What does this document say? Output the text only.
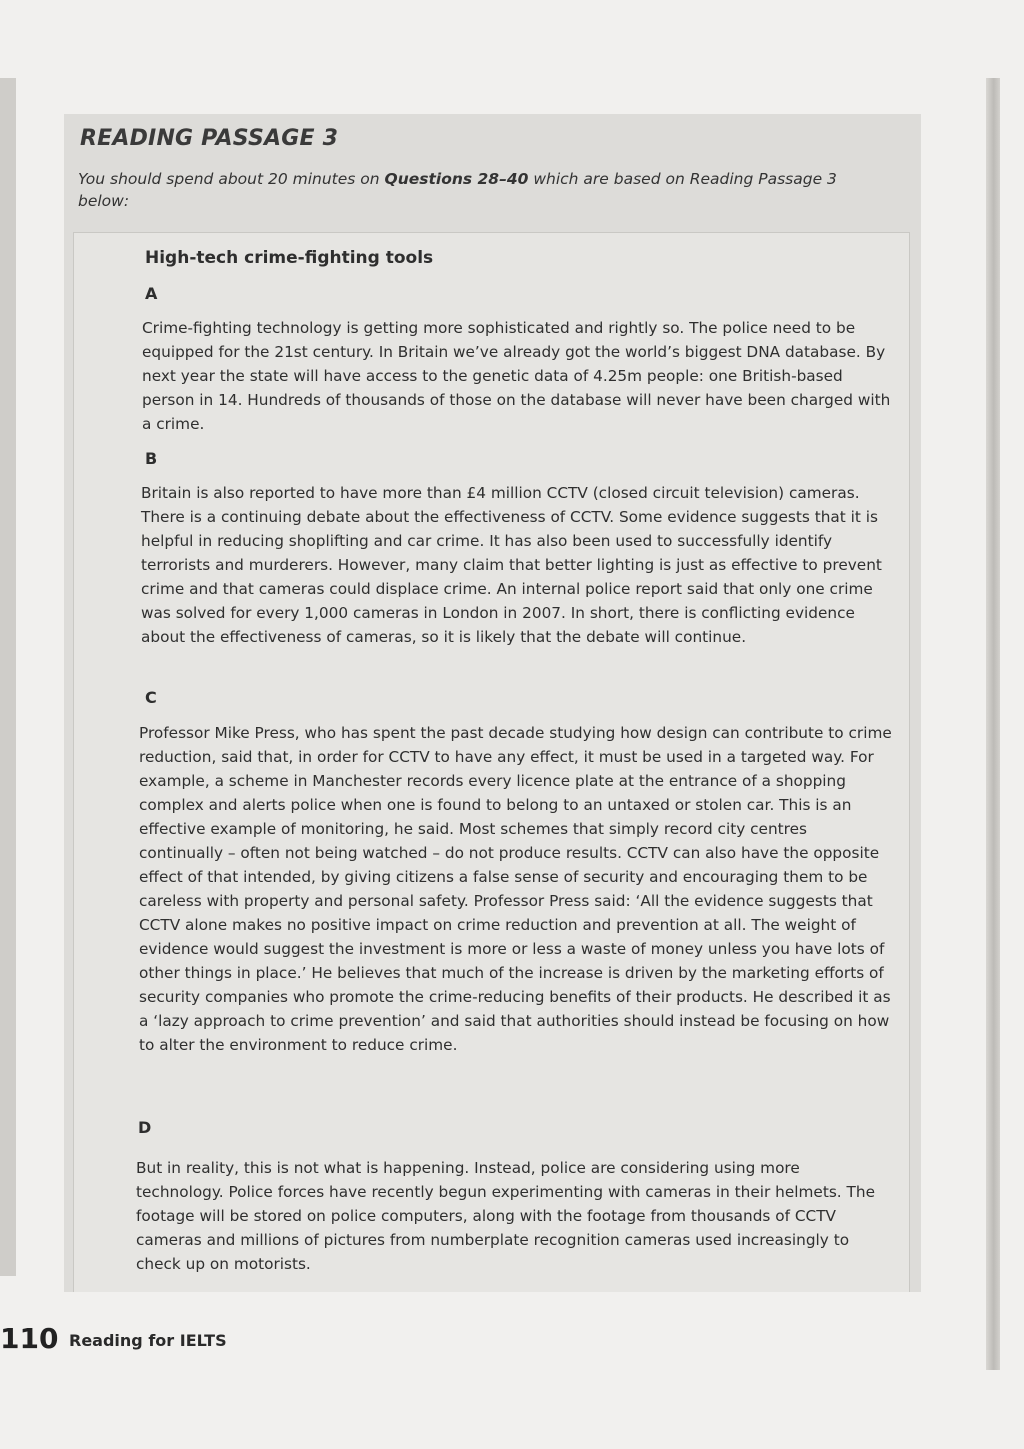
READING PASSAGE 3

You should spend about 20 minutes on Questions 28–40 which are based on Reading Passage 3 below:

High-tech crime-fighting tools
A

Crime-fighting technology is getting more sophisticated and rightly so. The police need to be equipped for the 21st century. In Britain we’ve already got the world’s biggest DNA database. By next year the state will have access to the genetic data of 4.25m people: one British-based person in 14. Hundreds of thousands of those on the database will never have been charged with a crime.

B

Britain is also reported to have more than £4 million CCTV (closed circuit television) cameras. There is a continuing debate about the effectiveness of CCTV. Some evidence suggests that it is helpful in reducing shoplifting and car crime. It has also been used to successfully identify terrorists and murderers. However, many claim that better lighting is just as effective to prevent crime and that cameras could displace crime. An internal police report said that only one crime was solved for every 1,000 cameras in London in 2007. In short, there is conflicting evidence about the effectiveness of cameras, so it is likely that the debate will continue.

C

Professor Mike Press, who has spent the past decade studying how design can contribute to crime reduction, said that, in order for CCTV to have any effect, it must be used in a targeted way. For example, a scheme in Manchester records every licence plate at the entrance of a shopping complex and alerts police when one is found to belong to an untaxed or stolen car. This is an effective example of monitoring, he said. Most schemes that simply record city centres continually – often not being watched – do not produce results. CCTV can also have the opposite effect of that intended, by giving citizens a false sense of security and encouraging them to be careless with property and personal safety. Professor Press said: ‘All the evidence suggests that CCTV alone makes no positive impact on crime reduction and prevention at all. The weight of evidence would suggest the investment is more or less a waste of money unless you have lots of other things in place.’ He believes that much of the increase is driven by the marketing efforts of security companies who promote the crime-reducing benefits of their products. He described it as a ‘lazy approach to crime prevention’ and said that authorities should instead be focusing on how to alter the environment to reduce crime.

D

But in reality, this is not what is happening. Instead, police are considering using more technology. Police forces have recently begun experimenting with cameras in their helmets. The footage will be stored on police computers, along with the footage from thousands of CCTV cameras and millions of pictures from numberplate recognition cameras used increasingly to check up on motorists.

110 Reading for IELTS
